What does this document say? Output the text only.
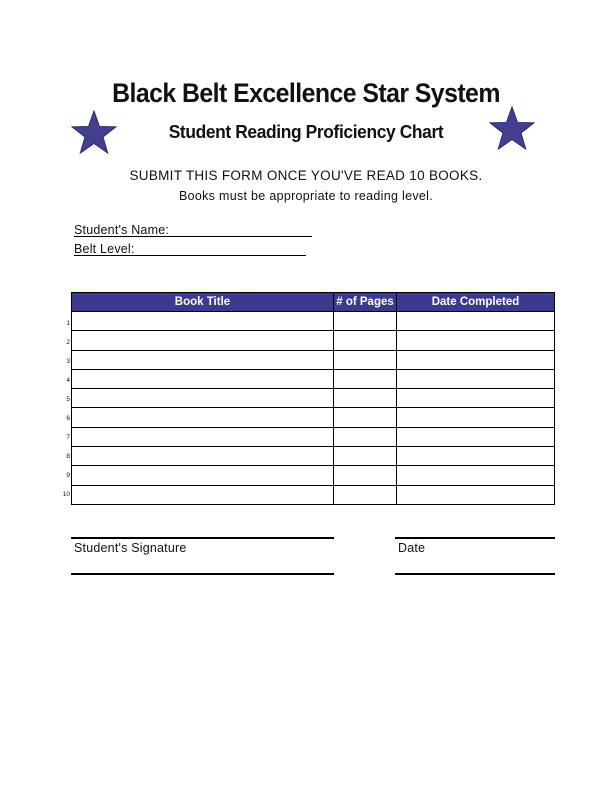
Black Belt Excellence Star System
Student Reading Proficiency Chart
SUBMIT THIS FORM ONCE YOU'VE READ 10 BOOKS.
Books must be appropriate to reading level.
Student's Name:
Belt Level:
Book Title	# of Pages	Date Completed

1
2
3
4
5
6
7
8
9
10
Student's Signature	Date
